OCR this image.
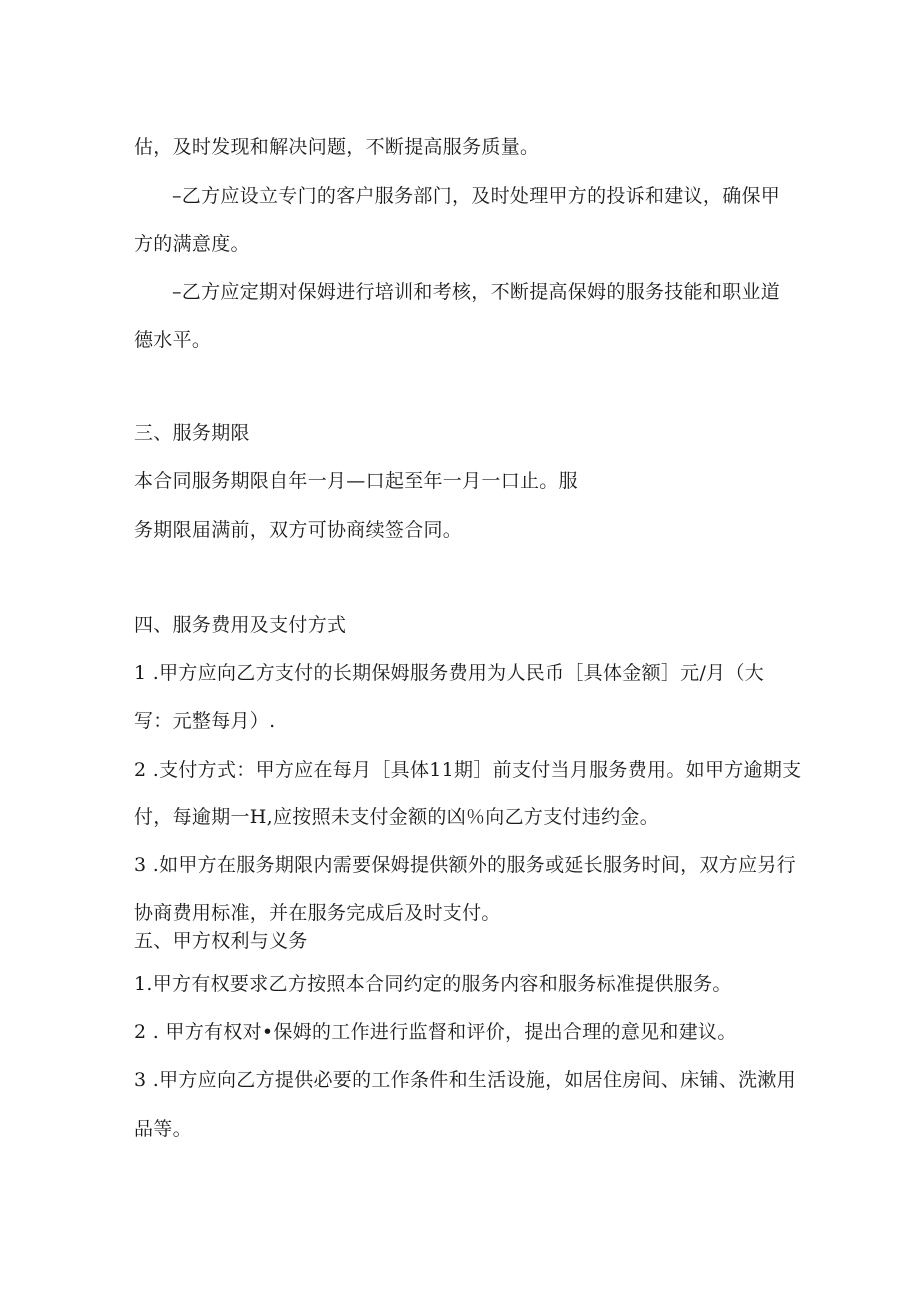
估，及时发现和解决问题，不断提高服务质量。
–乙方应设立专门的客户服务部门，及时处理甲方的投诉和建议，确保甲
方的满意度。
–乙方应定期对保姆进行培训和考核，不断提高保姆的服务技能和职业道
德水平。
三、服务期限
本合同服务期限自年一月—口起至年一月一口止。服
务期限届满前，双方可协商续签合同。
四、服务费用及支付方式
1 .甲方应向乙方支付的长期保姆服务费用为人民币［具体金额］元/月（大
写：元整每月）.
2 .支付方式：甲方应在每月［具体11期］前支付当月服务费用。如甲方逾期支
付，每逾期一H,应按照未支付金额的凶％向乙方支付违约金。
3 .如甲方在服务期限内需要保姆提供额外的服务或延长服务时间，双方应另行
协商费用标准，并在服务完成后及时支付。
五、甲方权利与义务
1.甲方有权要求乙方按照本合同约定的服务内容和服务标准提供服务。
2 . 甲方有权对•保姆的工作进行监督和评价，提出合理的意见和建议。
3 .甲方应向乙方提供必要的工作条件和生活设施，如居住房间、床铺、洗漱用
品等。
